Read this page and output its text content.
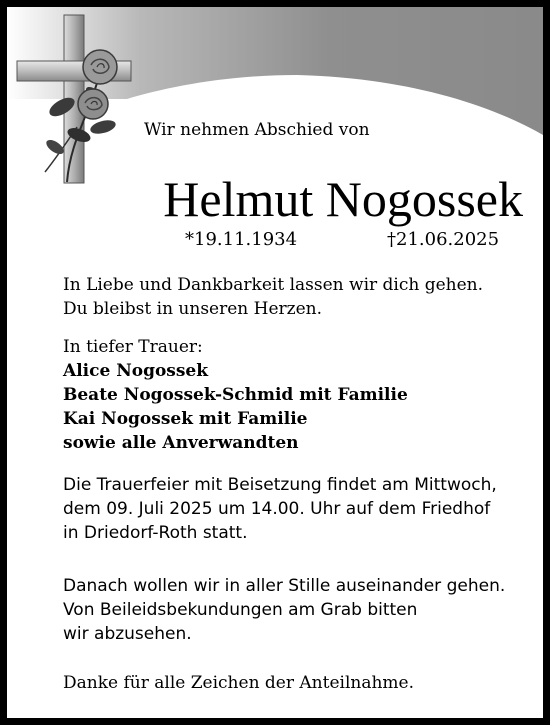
Wir nehmen Abschied von
Helmut Nogossek
*19.11.1934	†21.06.2025
In Liebe und Dankbarkeit lassen wir dich gehen.
Du bleibst in unseren Herzen.
In tiefer Trauer:
Alice Nogossek
Beate Nogossek-Schmid mit Familie
Kai Nogossek mit Familie
sowie alle Anverwandten
Die Trauerfeier mit Beisetzung findet am Mittwoch,
dem 09. Juli 2025 um 14.00. Uhr auf dem Friedhof
in Driedorf-Roth statt.
Danach wollen wir in aller Stille auseinander gehen.
Von Beileidsbekundungen am Grab bitten
wir abzusehen.
Danke für alle Zeichen der Anteilnahme.
